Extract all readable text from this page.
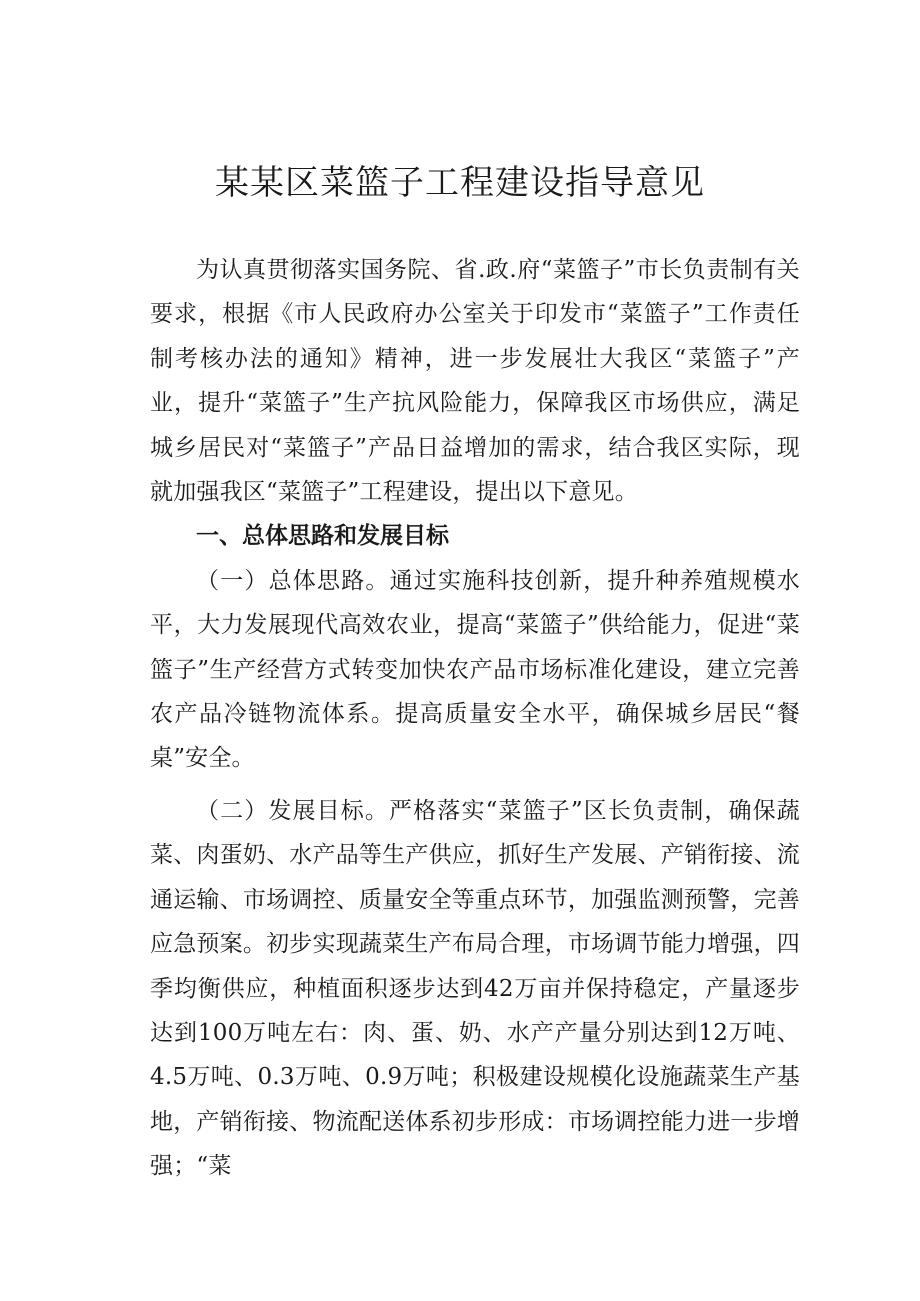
某某区菜篮子工程建设指导意见

为认真贯彻落实国务院、省.政.府“菜篮子”市长负责制有关要求，根据《市人民政府办公室关于印发市“菜篮子”工作责任制考核办法的通知》精神，进一步发展壮大我区“菜篮子”产业，提升“菜篮子”生产抗风险能力，保障我区市场供应，满足城乡居民对“菜篮子”产品日益增加的需求，结合我区实际，现就加强我区“菜篮子”工程建设，提出以下意见。

一、总体思路和发展目标

（一）总体思路。通过实施科技创新，提升种养殖规模水平，大力发展现代高效农业，提高“菜篮子”供给能力，促进“菜篮子”生产经营方式转变加快农产品市场标准化建设，建立完善农产品冷链物流体系。提高质量安全水平，确保城乡居民“餐桌”安全。

（二）发展目标。严格落实“菜篮子”区长负责制，确保蔬菜、肉蛋奶、水产品等生产供应，抓好生产发展、产销衔接、流通运输、市场调控、质量安全等重点环节，加强监测预警，完善应急预案。初步实现蔬菜生产布局合理，市场调节能力增强，四季均衡供应，种植面积逐步达到42万亩并保持稳定，产量逐步达到100万吨左右：肉、蛋、奶、水产产量分别达到12万吨、4.5万吨、0.3万吨、0.9万吨；积极建设规模化设施蔬菜生产基地，产销衔接、物流配送体系初步形成：市场调控能力进一步增强；“菜
